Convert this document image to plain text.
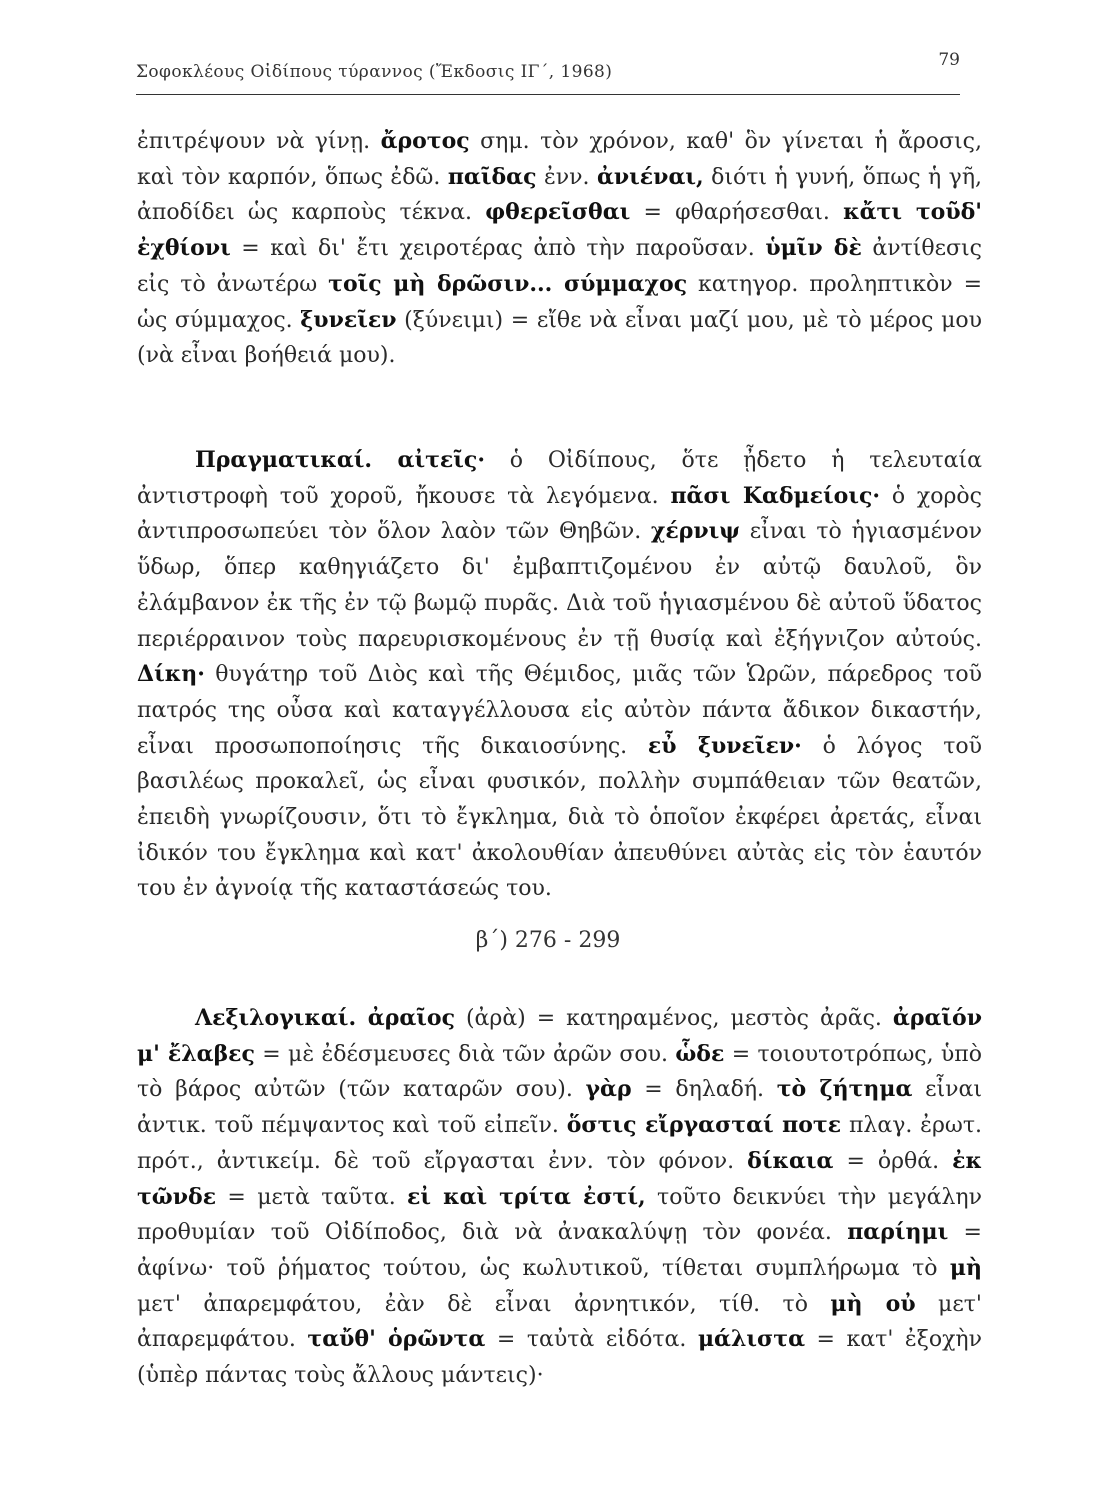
Σοφοκλέους Οἰδίπους τύραννος (Ἔκδοσις ΙΓ΄, 1968)
79

ἐπιτρέψουν νὰ γίνῃ. ἄροτος σημ. τὸν χρόνον, καθ' ὃν γίνεται ἡ ἄροσις, καὶ τὸν καρπόν, ὅπως ἐδῶ. παῖδας ἐνν. ἀνιέναι, διότι ἡ γυνή, ὅπως ἡ γῆ, ἀποδίδει ὡς καρποὺς τέκνα. φθερεῖσθαι = φθαρήσεσθαι. κἄτι τοῦδ' ἐχθίονι = καὶ δι' ἔτι χειροτέρας ἀπὸ τὴν παροῦσαν. ὑμῖν δὲ ἀντίθεσις εἰς τὸ ἀνωτέρω τοῖς μὴ δρῶσιν... σύμμαχος κατηγορ. προληπτικὸν = ὡς σύμμαχος. ξυνεῖεν (ξύνειμι) = εἴθε νὰ εἶναι μαζί μου, μὲ τὸ μέρος μου (νὰ εἶναι βοήθειά μου).

Πραγματικαί. αἰτεῖς· ὁ Οἰδίπους, ὅτε ᾖδετο ἡ τελευταία ἀντιστροφὴ τοῦ χοροῦ, ἤκουσε τὰ λεγόμενα. πᾶσι Καδμείοις· ὁ χορὸς ἀντιπροσωπεύει τὸν ὅλον λαὸν τῶν Θηβῶν. χέρνιψ εἶναι τὸ ἡγιασμένον ὕδωρ, ὅπερ καθηγιάζετο δι' ἐμβαπτιζομένου ἐν αὐτῷ δαυλοῦ, ὃν ἐλάμβανον ἐκ τῆς ἐν τῷ βωμῷ πυρᾶς. Διὰ τοῦ ἡγιασμένου δὲ αὐτοῦ ὕδατος περιέρραινον τοὺς παρευρισκομένους ἐν τῇ θυσίᾳ καὶ ἐξήγνιζον αὐτούς. Δίκη· θυγάτηρ τοῦ Διὸς καὶ τῆς Θέμιδος, μιᾶς τῶν Ὡρῶν, πάρεδρος τοῦ πατρός της οὖσα καὶ καταγγέλλουσα εἰς αὐτὸν πάντα ἄδικον δικαστήν, εἶναι προσωποποίησις τῆς δικαιοσύνης. εὖ ξυνεῖεν· ὁ λόγος τοῦ βασιλέως προκαλεῖ, ὡς εἶναι φυσικόν, πολλὴν συμπάθειαν τῶν θεατῶν, ἐπειδὴ γνωρίζουσιν, ὅτι τὸ ἔγκλημα, διὰ τὸ ὁποῖον ἐκφέρει ἀρετάς, εἶναι ἰδικόν του ἔγκλημα καὶ κατ' ἀκολουθίαν ἀπευθύνει αὐτὰς εἰς τὸν ἑαυτόν του ἐν ἀγνοίᾳ τῆς καταστάσεώς του.

β΄) 276 - 299

Λεξιλογικαί. ἀραῖος (ἀρὰ) = κατηραμένος, μεστὸς ἀρᾶς. ἀραῖόν μ' ἔλαβες = μὲ ἐδέσμευσες διὰ τῶν ἀρῶν σου. ὧδε = τοιουτοτρόπως, ὑπὸ τὸ βάρος αὐτῶν (τῶν καταρῶν σου). γὰρ = δηλαδή. τὸ ζήτημα εἶναι ἀντικ. τοῦ πέμψαντος καὶ τοῦ εἰπεῖν. ὅστις εἴργασταί ποτε πλαγ. ἐρωτ. πρότ., ἀντικείμ. δὲ τοῦ εἴργασται ἐνν. τὸν φόνον. δίκαια = ὀρθά. ἐκ τῶνδε = μετὰ ταῦτα. εἰ καὶ τρίτα ἐστί, τοῦτο δεικνύει τὴν μεγάλην προθυμίαν τοῦ Οἰδίποδος, διὰ νὰ ἀνακαλύψῃ τὸν φονέα. παρίημι = ἀφίνω· τοῦ ῥήματος τούτου, ὡς κωλυτικοῦ, τίθεται συμπλήρωμα τὸ μὴ μετ' ἀπαρεμφάτου, ἐὰν δὲ εἶναι ἀρνητικόν, τίθ. τὸ μὴ οὐ μετ' ἀπαρεμφάτου. ταὔθ' ὁρῶντα = ταὐτὰ εἰδότα. μάλιστα = κατ' ἐξοχὴν (ὑπὲρ πάντας τοὺς ἄλλους μάντεις)·
